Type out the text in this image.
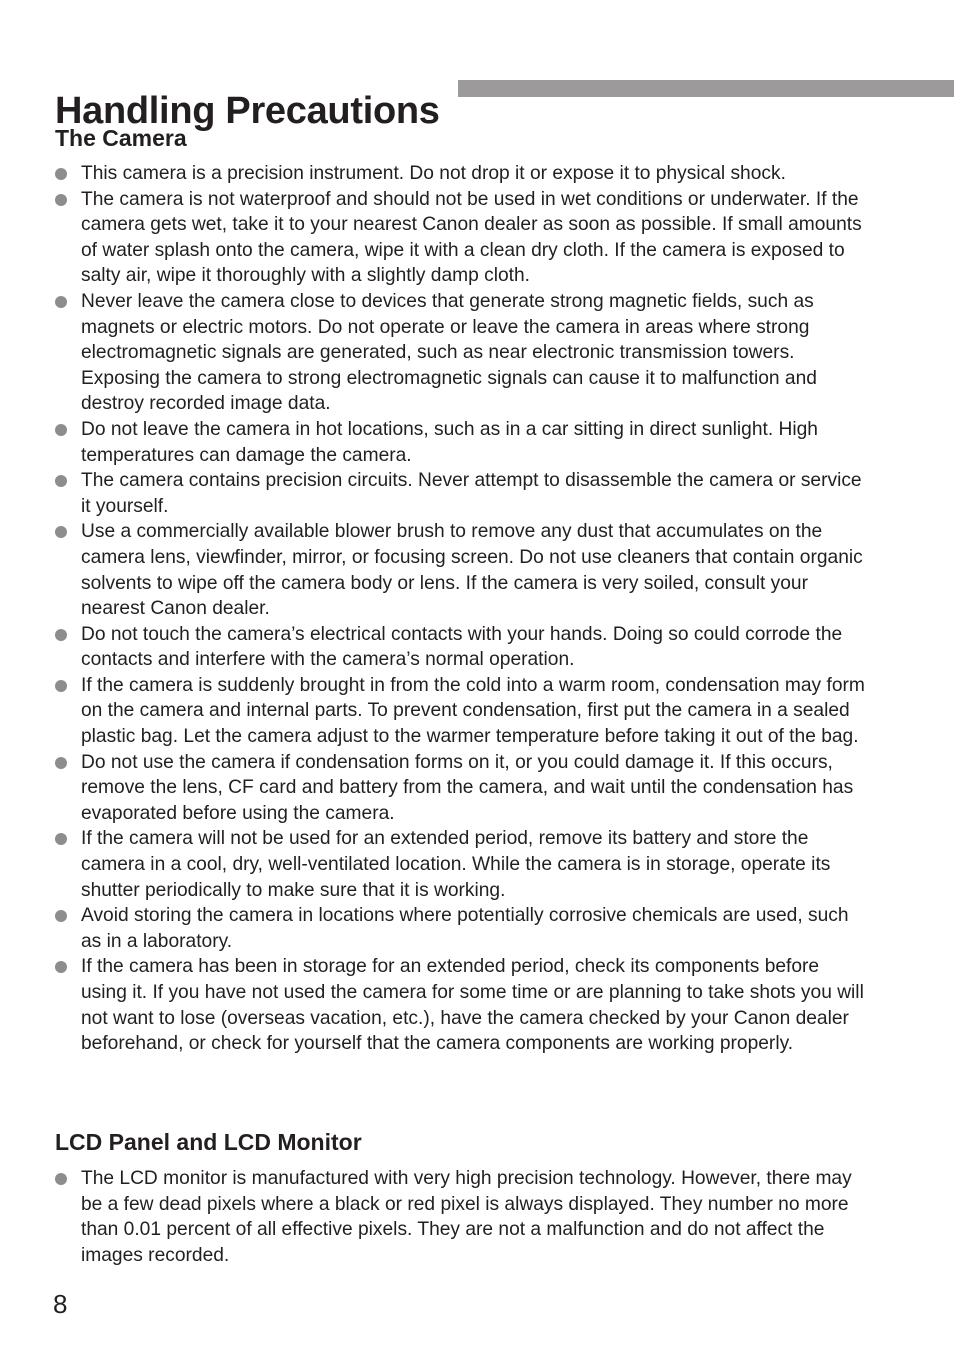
Handling Precautions
The Camera
This camera is a precision instrument. Do not drop it or expose it to physical shock.
The camera is not waterproof and should not be used in wet conditions or underwater. If the camera gets wet, take it to your nearest Canon dealer as soon as possible. If small amounts of water splash onto the camera, wipe it with a clean dry cloth. If the camera is exposed to salty air, wipe it thoroughly with a slightly damp cloth.
Never leave the camera close to devices that generate strong magnetic fields, such as magnets or electric motors. Do not operate or leave the camera in areas where strong electromagnetic signals are generated, such as near electronic transmission towers. Exposing the camera to strong electromagnetic signals can cause it to malfunction and destroy recorded image data.
Do not leave the camera in hot locations, such as in a car sitting in direct sunlight. High temperatures can damage the camera.
The camera contains precision circuits. Never attempt to disassemble the camera or service it yourself.
Use a commercially available blower brush to remove any dust that accumulates on the camera lens, viewfinder, mirror, or focusing screen. Do not use cleaners that contain organic solvents to wipe off the camera body or lens. If the camera is very soiled, consult your nearest Canon dealer.
Do not touch the camera’s electrical contacts with your hands. Doing so could corrode the contacts and interfere with the camera’s normal operation.
If the camera is suddenly brought in from the cold into a warm room, condensation may form on the camera and internal parts. To prevent condensation, first put the camera in a sealed plastic bag. Let the camera adjust to the warmer temperature before taking it out of the bag.
Do not use the camera if condensation forms on it, or you could damage it. If this occurs, remove the lens, CF card and battery from the camera, and wait until the condensation has evaporated before using the camera.
If the camera will not be used for an extended period, remove its battery and store the camera in a cool, dry, well-ventilated location. While the camera is in storage, operate its shutter periodically to make sure that it is working.
Avoid storing the camera in locations where potentially corrosive chemicals are used, such as in a laboratory.
If the camera has been in storage for an extended period, check its components before using it. If you have not used the camera for some time or are planning to take shots you will not want to lose (overseas vacation, etc.), have the camera checked by your Canon dealer beforehand, or check for yourself that the camera components are working properly.
LCD Panel and LCD Monitor
The LCD monitor is manufactured with very high precision technology. However, there may be a few dead pixels where a black or red pixel is always displayed. They number no more than 0.01 percent of all effective pixels. They are not a malfunction and do not affect the images recorded.
8
